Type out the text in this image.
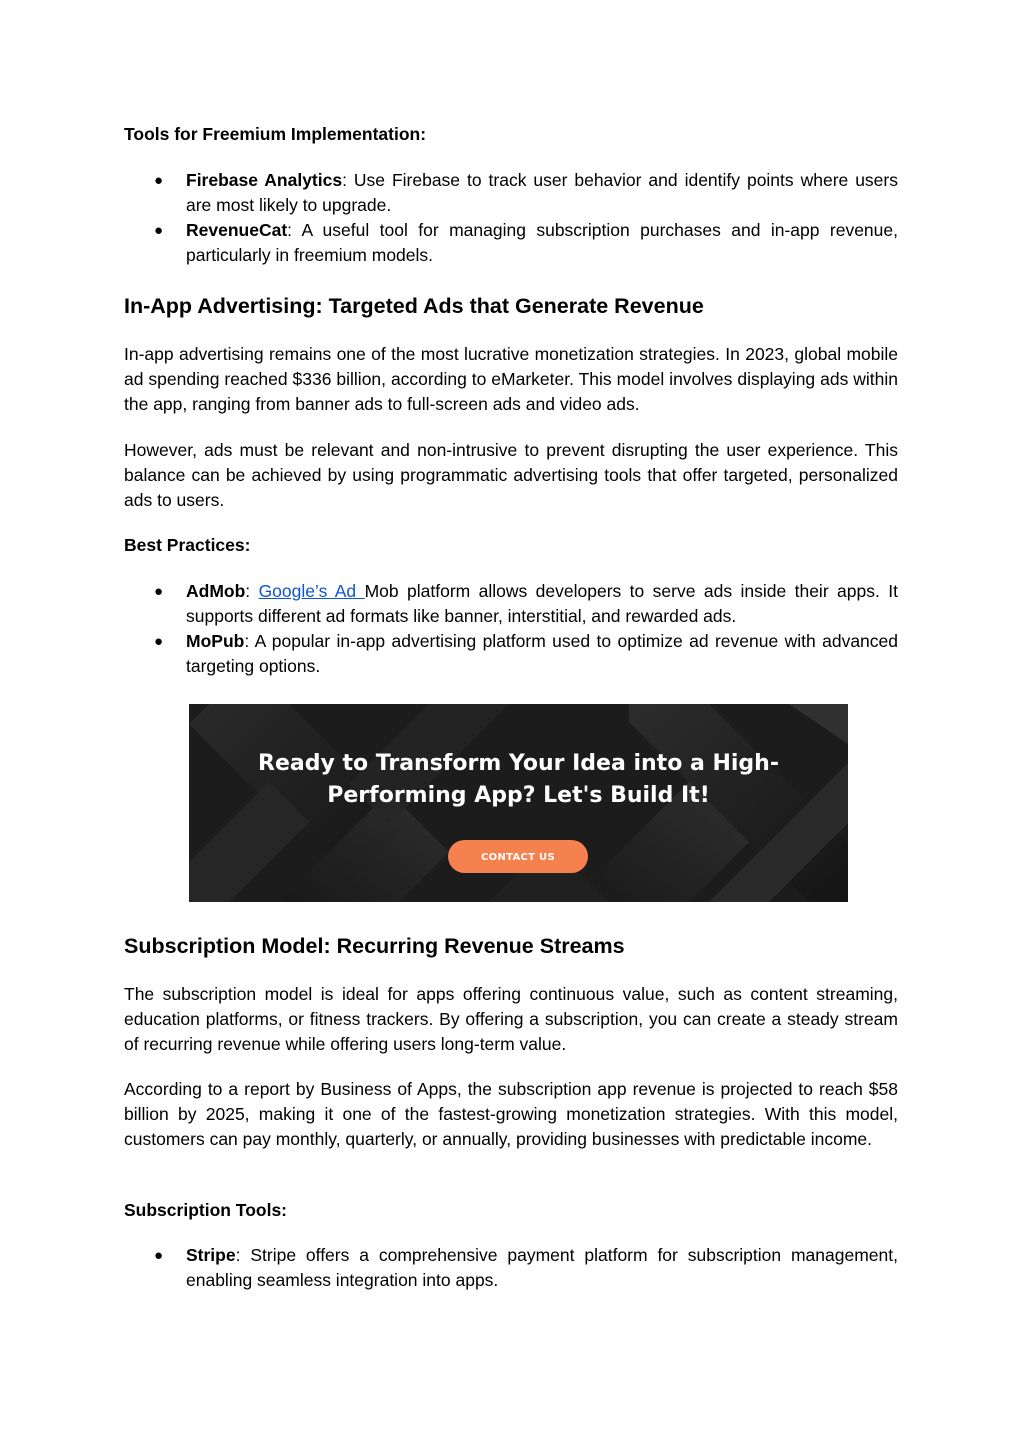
Tools for Freemium Implementation:

● Firebase Analytics: Use Firebase to track user behavior and identify points where users are most likely to upgrade.
● RevenueCat: A useful tool for managing subscription purchases and in-app revenue, particularly in freemium models.
In-App Advertising: Targeted Ads that Generate Revenue

In-app advertising remains one of the most lucrative monetization strategies. In 2023, global mobile ad spending reached $336 billion, according to eMarketer. This model involves displaying ads within the app, ranging from banner ads to full-screen ads and video ads.

However, ads must be relevant and non-intrusive to prevent disrupting the user experience. This balance can be achieved by using programmatic advertising tools that offer targeted, personalized ads to users.

Best Practices:

● AdMob: Google’s Ad Mob platform allows developers to serve ads inside their apps. It supports different ad formats like banner, interstitial, and rewarded ads.
● MoPub: A popular in-app advertising platform used to optimize ad revenue with advanced targeting options.
Ready to Transform Your Idea into a High-
Performing App? Let's Build It!
CONTACT US
Subscription Model: Recurring Revenue Streams

The subscription model is ideal for apps offering continuous value, such as content streaming, education platforms, or fitness trackers. By offering a subscription, you can create a steady stream of recurring revenue while offering users long-term value.

According to a report by Business of Apps, the subscription app revenue is projected to reach $58 billion by 2025, making it one of the fastest-growing monetization strategies. With this model, customers can pay monthly, quarterly, or annually, providing businesses with predictable income.

Subscription Tools:

● Stripe: Stripe offers a comprehensive payment platform for subscription management, enabling seamless integration into apps.
